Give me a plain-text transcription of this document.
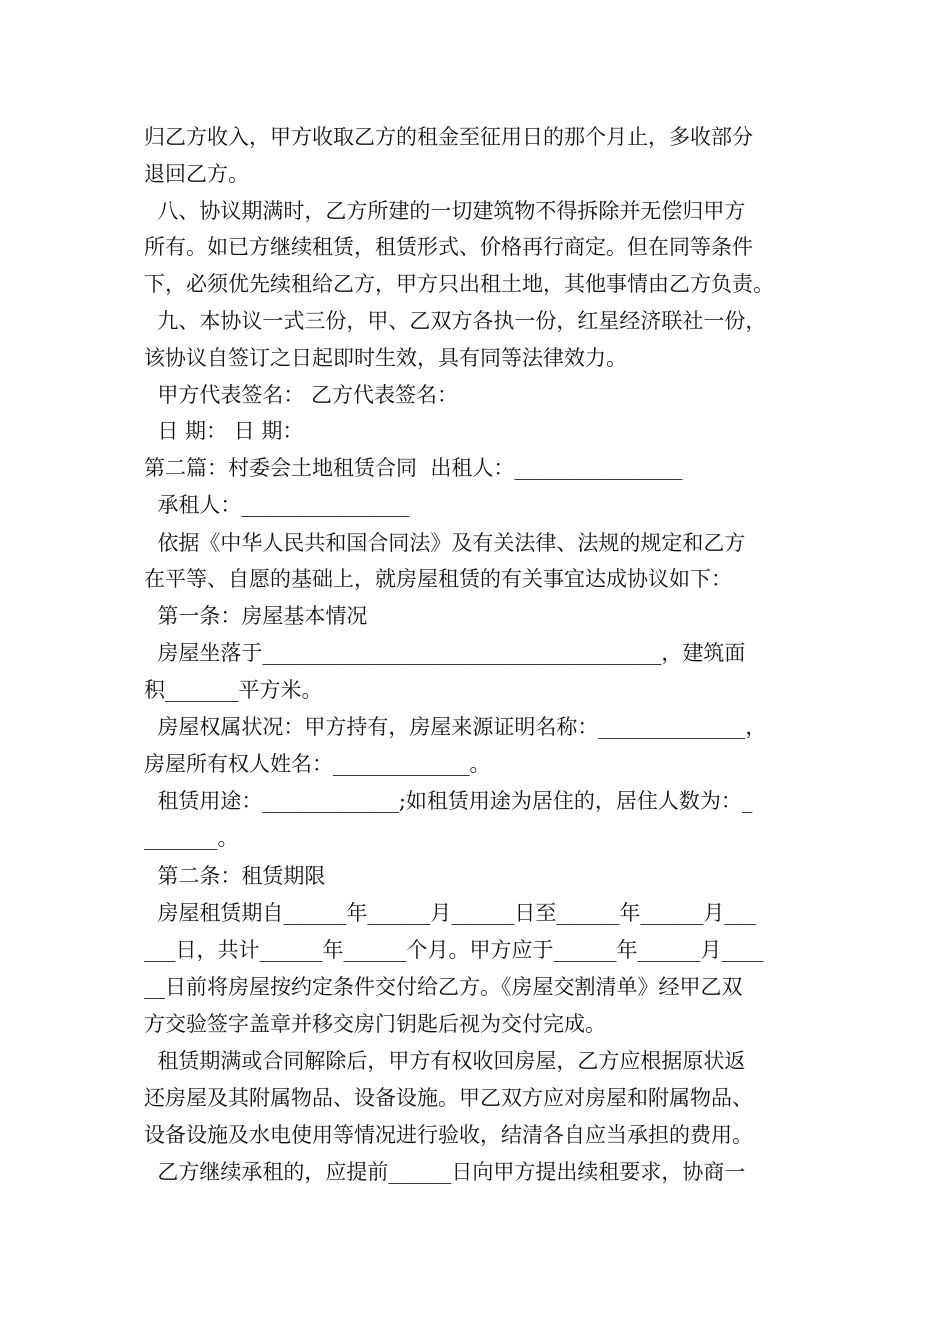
归乙方收入，甲方收取乙方的租金至征用日的那个月止，多收部分
退回乙方。
八、协议期满时，乙方所建的一切建筑物不得拆除并无偿归甲方
所有。如已方继续租赁，租赁形式、价格再行商定。但在同等条件
下，必须优先续租给乙方，甲方只出租土地，其他事情由乙方负责。
九、本协议一式三份，甲、乙双方各执一份，红星经济联社一份，
该协议自签订之日起即时生效，具有同等法律效力。
甲方代表签名： 乙方代表签名：
日 期： 日 期：
第二篇：村委会土地租赁合同  出租人：________________
承租人：________________
依据《中华人民共和国合同法》及有关法律、法规的规定和乙方
在平等、自愿的基础上，就房屋租赁的有关事宜达成协议如下：
第一条：房屋基本情况
房屋坐落于______________________________________，建筑面
积_______平方米。
房屋权属状况：甲方持有，房屋来源证明名称：______________，
房屋所有权人姓名：_____________。
租赁用途：_____________;如租赁用途为居住的，居住人数为：_
_______。
第二条：租赁期限
房屋租赁期自______年______月______日至______年______月___
___日，共计______年______个月。甲方应于______年______月____
__日前将房屋按约定条件交付给乙方。《房屋交割清单》经甲乙双
方交验签字盖章并移交房门钥匙后视为交付完成。
租赁期满或合同解除后，甲方有权收回房屋，乙方应根据原状返
还房屋及其附属物品、设备设施。甲乙双方应对房屋和附属物品、
设备设施及水电使用等情况进行验收，结清各自应当承担的费用。
乙方继续承租的，应提前______日向甲方提出续租要求，协商一
